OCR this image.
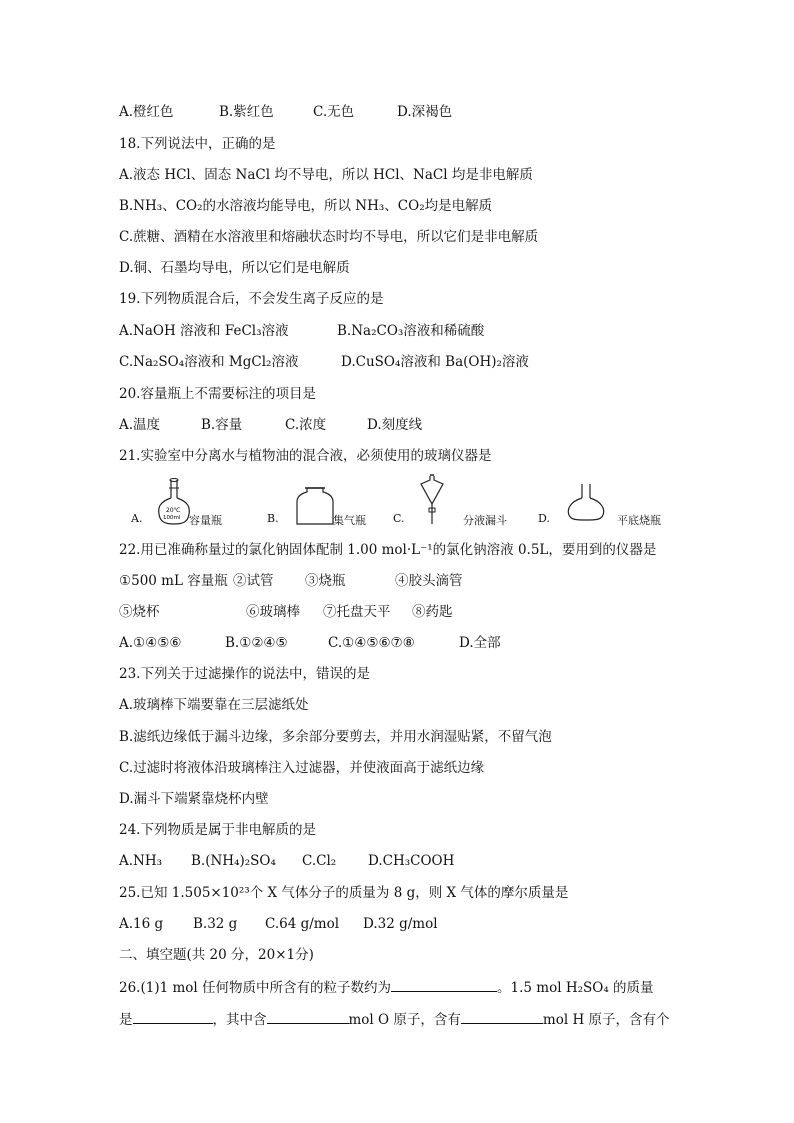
A.橙红色	B.紫红色	C.无色	D.深褐色
18.下列说法中，正确的是
A.液态 HCl、固态 NaCl 均不导电，所以 HCl、NaCl 均是非电解质
B.NH₃、CO₂的水溶液均能导电，所以 NH₃、CO₂均是电解质
C.蔗糖、酒精在水溶液里和熔融状态时均不导电，所以它们是非电解质
D.铜、石墨均导电，所以它们是电解质
19.下列物质混合后，不会发生离子反应的是
A.NaOH 溶液和 FeCl₃溶液	B.Na₂CO₃溶液和稀硫酸
C.Na₂SO₄溶液和 MgCl₂溶液	D.CuSO₄溶液和 Ba(OH)₂溶液
20.容量瓶上不需要标注的项目是
A.温度	B.容量	C.浓度	D.刻度线
21.实验室中分离水与植物油的混合液，必须使用的玻璃仪器是
A.
20℃
100ml 容量瓶	B.	集气瓶 C.	分液漏斗	D.	平底烧瓶
22.用已准确称量过的氯化钠固体配制 1.00 mol·L⁻¹的氯化钠溶液 0.5L，要用到的仪器是
①500 mL 容量瓶 ②试管 ③烧瓶	④胶头滴管
⑤烧杯	⑥玻璃棒 ⑦托盘天平 ⑧药匙
A.①④⑤⑥	B.①②④⑤	C.①④⑤⑥⑦⑧	D.全部
23.下列关于过滤操作的说法中，错误的是
A.玻璃棒下端要靠在三层滤纸处
B.滤纸边缘低于漏斗边缘，多余部分要剪去，并用水润湿贴紧，不留气泡
C.过滤时将液体沿玻璃棒注入过滤器，并使液面高于滤纸边缘
D.漏斗下端紧靠烧杯内壁
24.下列物质是属于非电解质的是
A.NH₃ B.(NH₄)₂SO₄ C.Cl₂ D.CH₃COOH
25.已知 1.505×10²³个 X 气体分子的质量为 8 g，则 X 气体的摩尔质量是
A.16 g B.32 g C.64 g/mol D.32 g/mol
二、填空题(共 20 分，20×1分)
26.(1)1 mol 任何物质中所含有的粒子数约为	。1.5 mol H₂SO₄ 的质量
是	，其中含	mol O 原子，含有	mol H 原子，含有个
